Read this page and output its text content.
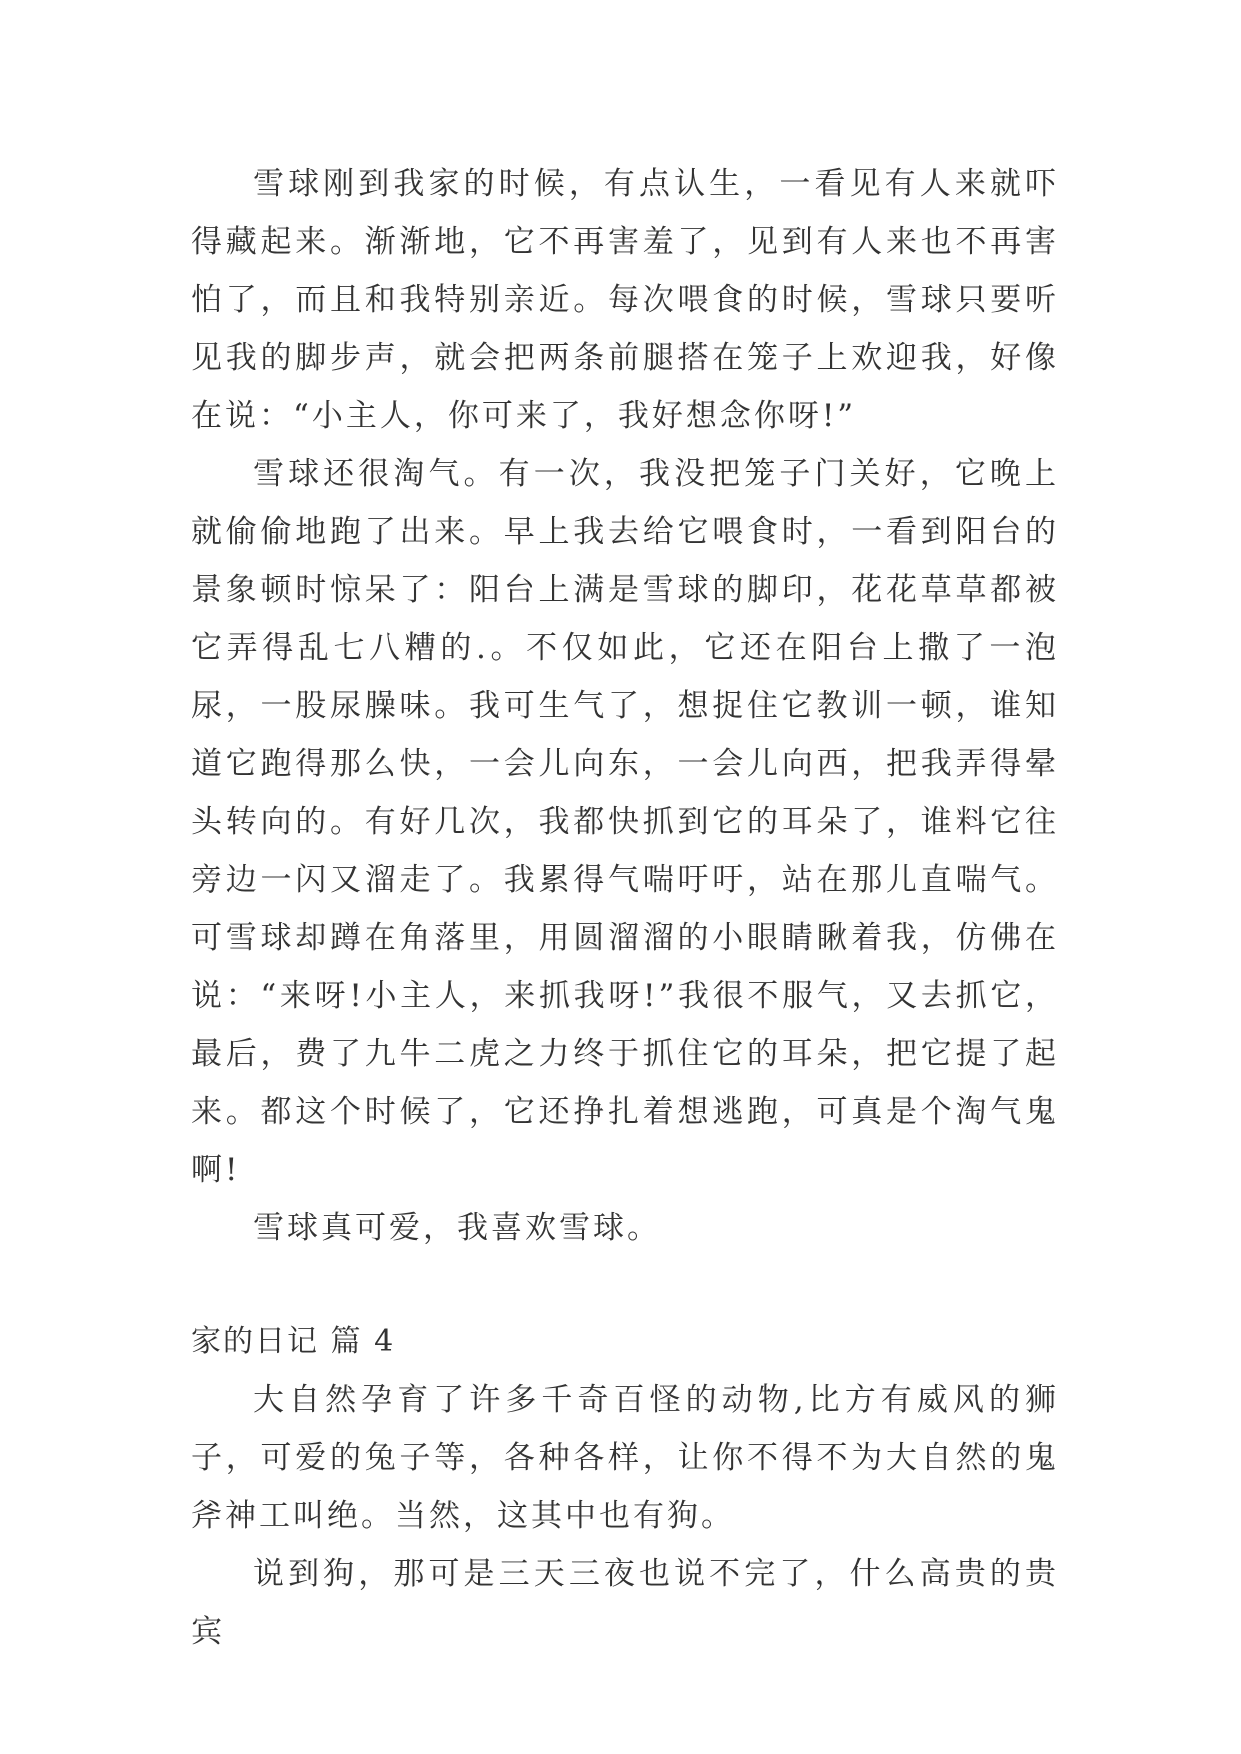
雪球刚到我家的时候，有点认生，一看见有人来就吓得藏起来。渐渐地，它不再害羞了，见到有人来也不再害怕了，而且和我特别亲近。每次喂食的时候，雪球只要听见我的脚步声，就会把两条前腿搭在笼子上欢迎我，好像在说：“小主人，你可来了，我好想念你呀!”

雪球还很淘气。有一次，我没把笼子门关好，它晚上就偷偷地跑了出来。早上我去给它喂食时，一看到阳台的景象顿时惊呆了：阳台上满是雪球的脚印，花花草草都被它弄得乱七八糟的.。不仅如此，它还在阳台上撒了一泡尿，一股尿臊味。我可生气了，想捉住它教训一顿，谁知道它跑得那么快，一会儿向东，一会儿向西，把我弄得晕头转向的。有好几次，我都快抓到它的耳朵了，谁料它往旁边一闪又溜走了。我累得气喘吁吁，站在那儿直喘气。可雪球却蹲在角落里，用圆溜溜的小眼睛瞅着我，仿佛在说：“来呀!小主人，来抓我呀!”我很不服气，又去抓它，最后，费了九牛二虎之力终于抓住它的耳朵，把它提了起来。都这个时候了，它还挣扎着想逃跑，可真是个淘气鬼啊!

雪球真可爱，我喜欢雪球。

家的日记 篇 4

大自然孕育了许多千奇百怪的动物,比方有威风的狮子，可爱的兔子等，各种各样，让你不得不为大自然的鬼斧神工叫绝。当然，这其中也有狗。

说到狗，那可是三天三夜也说不完了，什么高贵的贵宾
